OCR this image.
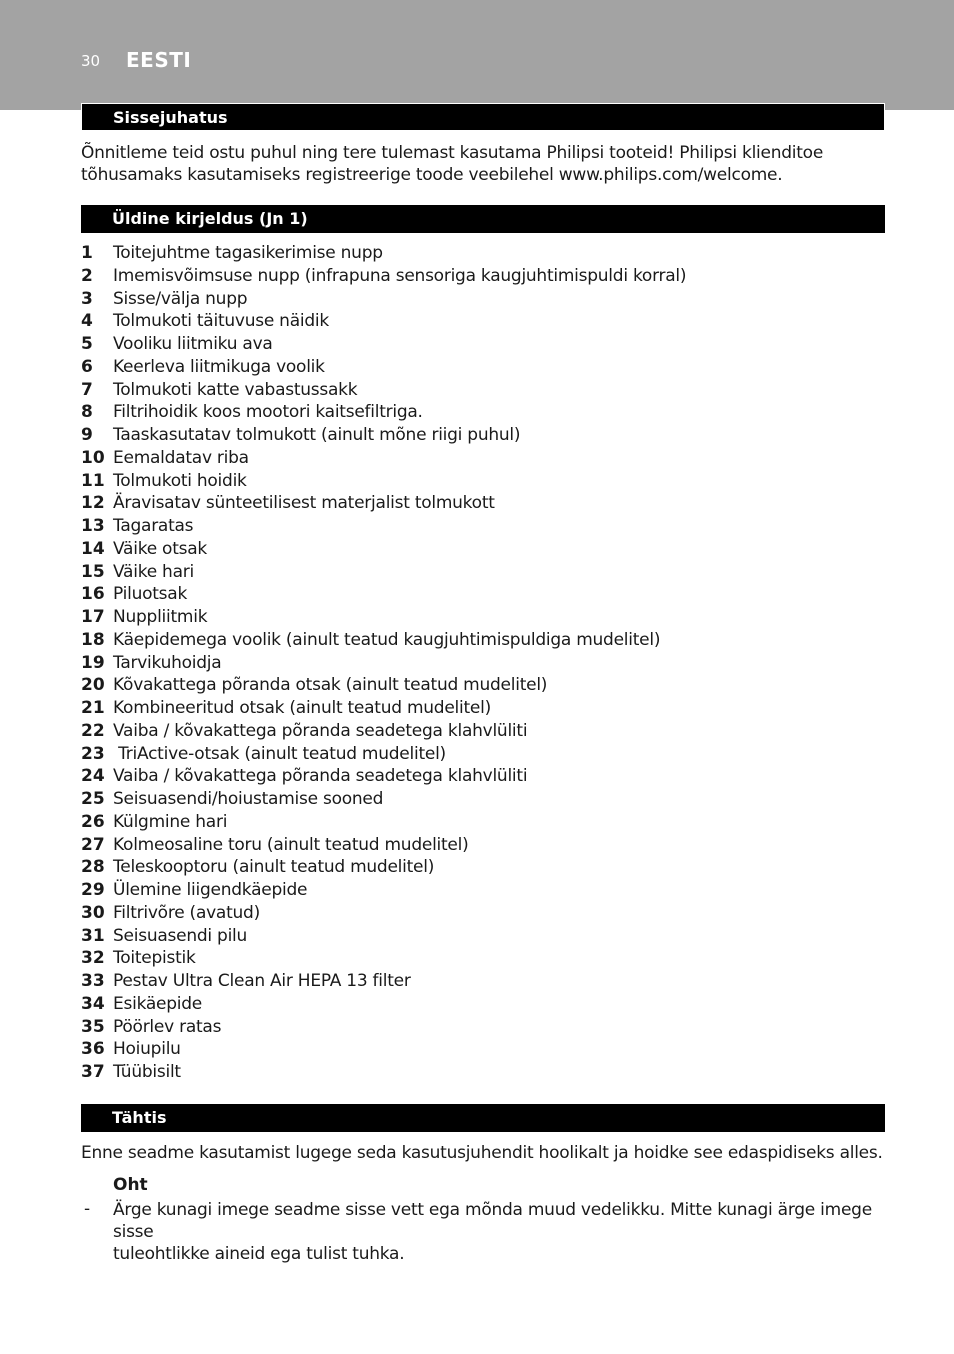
30 EESTI
Sissejuhatus
Õnnitleme teid ostu puhul ning tere tulemast kasutama Philipsi tooteid! Philipsi klienditoe
tõhusamaks kasutamiseks registreerige toode veebilehel www.philips.com/welcome.
Üldine kirjeldus (Jn 1)
1 Toitejuhtme tagasikerimise nupp
2 Imemisvõimsuse nupp (infrapuna sensoriga kaugjuhtimispuldi korral)
3 Sisse/välja nupp
4 Tolmukoti täituvuse näidik
5 Vooliku liitmiku ava
6 Keerleva liitmikuga voolik
7 Tolmukoti katte vabastussakk
8 Filtrihoidik koos mootori kaitsefiltriga.
9 Taaskasutatav tolmukott (ainult mõne riigi puhul)
10 Eemaldatav riba
11 Tolmukoti hoidik
12 Äravisatav sünteetilisest materjalist tolmukott
13 Tagaratas
14 Väike otsak
15 Väike hari
16 Piluotsak
17 Nuppliitmik
18 Käepidemega voolik (ainult teatud kaugjuhtimispuldiga mudelitel)
19 Tarvikuhoidja
20 Kõvakattega põranda otsak (ainult teatud mudelitel)
21 Kombineeritud otsak (ainult teatud mudelitel)
22 Vaiba / kõvakattega põranda seadetega klahvlüliti
23 TriActive-otsak (ainult teatud mudelitel)
24 Vaiba / kõvakattega põranda seadetega klahvlüliti
25 Seisuasendi/hoiustamise sooned
26 Külgmine hari
27 Kolmeosaline toru (ainult teatud mudelitel)
28 Teleskooptoru (ainult teatud mudelitel)
29 Ülemine liigendkäepide
30 Filtrivõre (avatud)
31 Seisuasendi pilu
32 Toitepistik
33 Pestav Ultra Clean Air HEPA 13 filter
34 Esikäepide
35 Pöörlev ratas
36 Hoiupilu
37 Tüübisilt
Tähtis
Enne seadme kasutamist lugege seda kasutusjuhendit hoolikalt ja hoidke see edaspidiseks alles.
Oht
- Ärge kunagi imege seadme sisse vett ega mõnda muud vedelikku. Mitte kunagi ärge imege sisse
tuleohtlikke aineid ega tulist tuhka.
